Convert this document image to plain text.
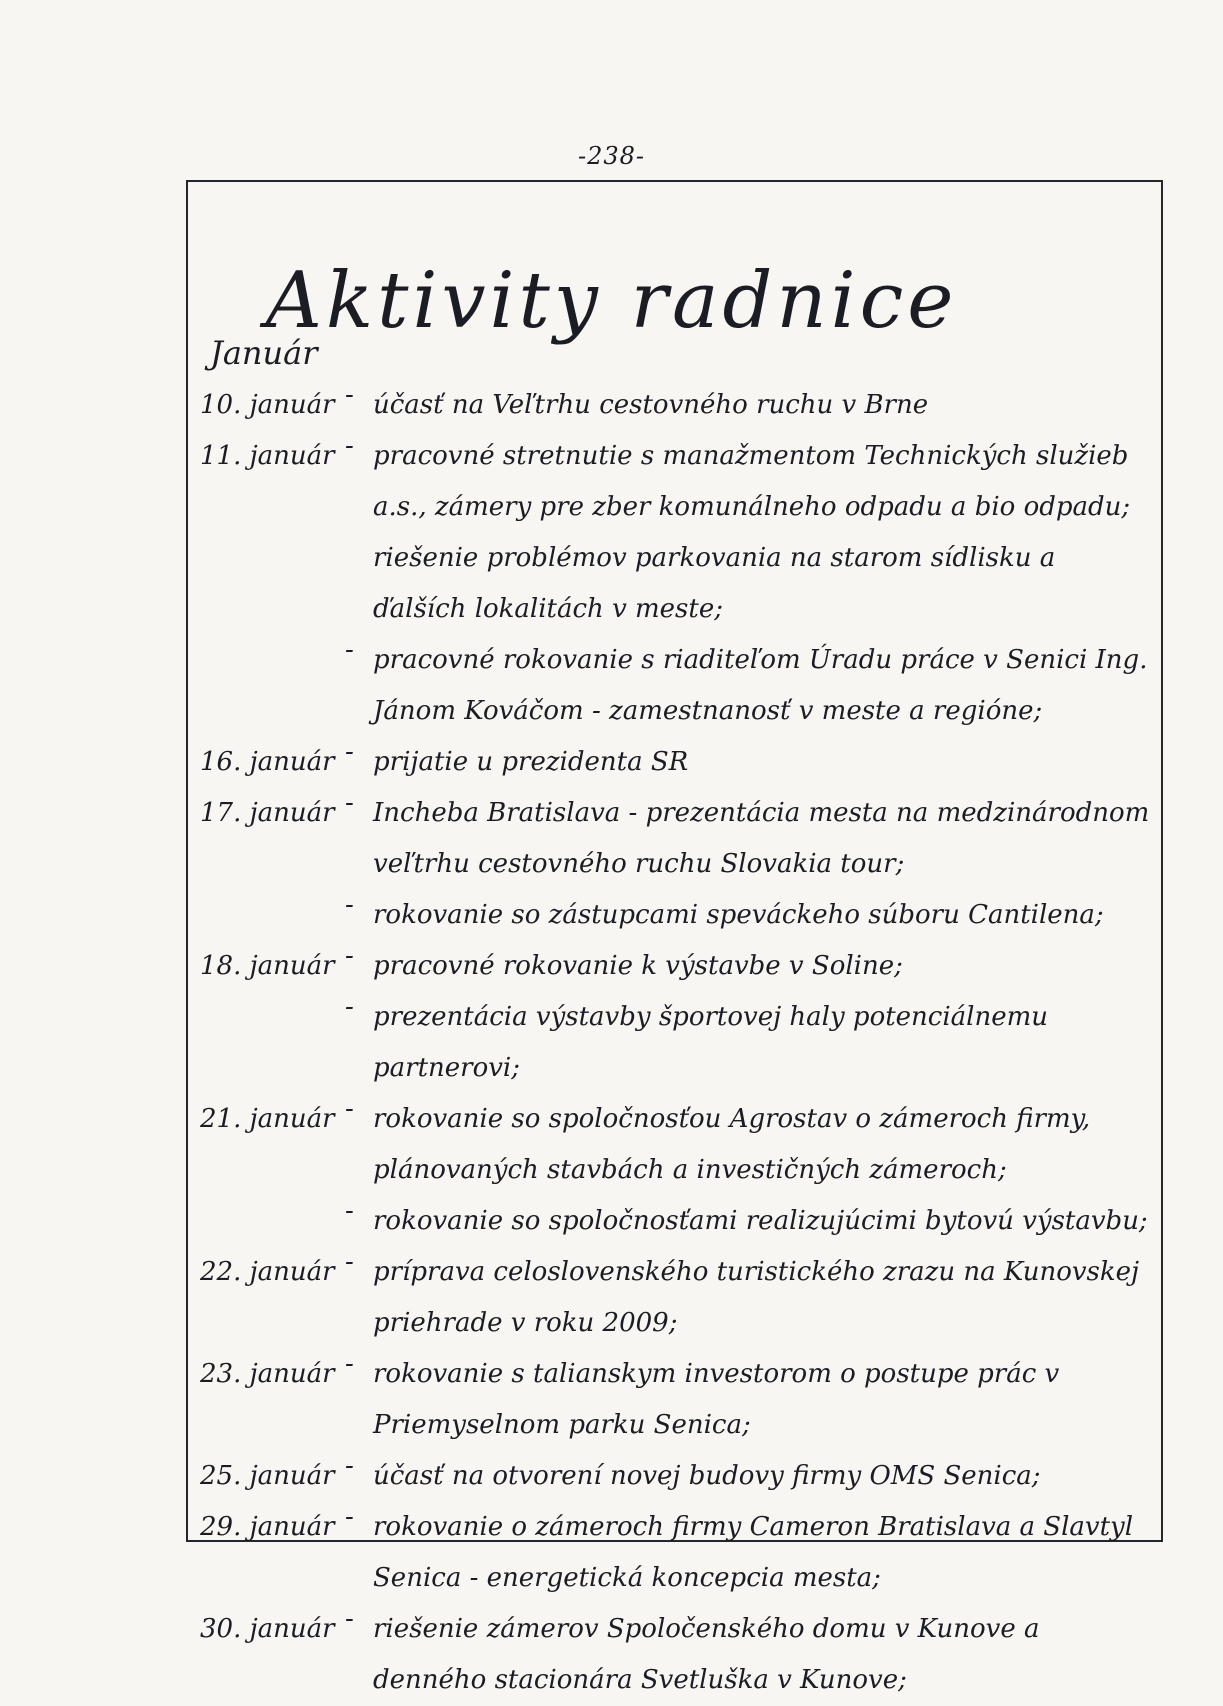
-238-
Aktivity radnice
Január
10. január - účasť na Veľtrhu cestovného ruchu v Brne
11. január - pracovné stretnutie s manažmentom Technických služieb a.s., zámery pre zber komunálneho odpadu a bio odpadu; riešenie problémov parkovania na starom sídlisku a ďalších lokalitách v meste;
- pracovné rokovanie s riaditeľom Úradu práce v Senici Ing. Jánom Kováčom - zamestnanosť v meste a regióne;
16. január - prijatie u prezidenta SR
17. január - Incheba Bratislava - prezentácia mesta na medzinárodnom veľtrhu cestovného ruchu Slovakia tour;
- rokovanie so zástupcami speváckeho súboru Cantilena;
18. január - pracovné rokovanie k výstavbe v Soline;
- prezentácia výstavby športovej haly potenciálnemu partnerovi;
21. január - rokovanie so spoločnosťou Agrostav o zámeroch firmy, plánovaných stavbách a investičných zámeroch;
- rokovanie so spoločnosťami realizujúcimi bytovú výstavbu;
22. január - príprava celoslovenského turistického zrazu na Kunovskej priehrade v roku 2009;
23. január - rokovanie s talianskym investorom o postupe prác v Priemyselnom parku Senica;
25. január - účasť na otvorení novej budovy firmy OMS Senica;
29. január - rokovanie o zámeroch firmy Cameron Bratislava a Slavtyl Senica - energetická koncepcia mesta;
30. január - riešenie zámerov Spoločenského domu v Kunove a denného stacionára Svetluška v Kunove;
